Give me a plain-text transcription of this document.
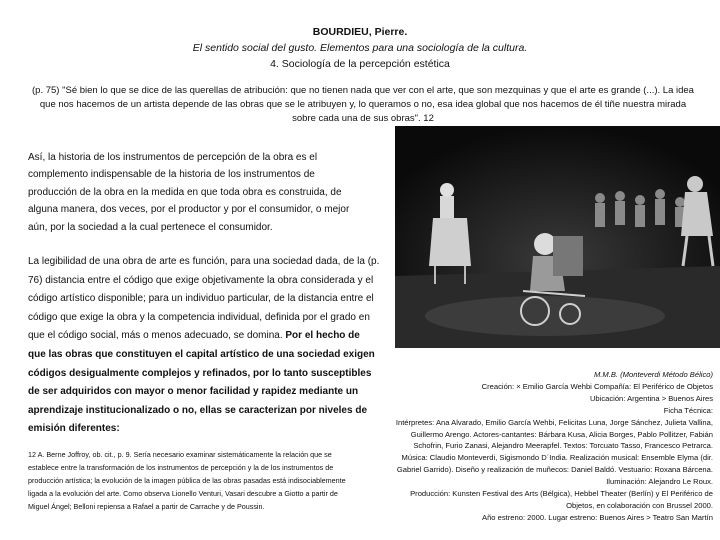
BOURDIEU, Pierre.
El sentido social del gusto. Elementos para una sociología de la cultura.
4. Sociología de la percepción estética
(p. 75) "Sé bien lo que se dice de las querellas de atribución: que no tienen nada que ver con el arte, que son mezquinas y que el arte es grande (...). La idea que nos hacemos de un artista depende de las obras que se le atribuyen y, lo queramos o no, esa idea global que nos hacemos de él tiñe nuestra mirada sobre cada una de sus obras". 12

Así, la historia de los instrumentos de percepción de la obra es el complemento indispensable de la historia de los instrumentos de producción de la obra en la medida en que toda obra es construida, de alguna manera, dos veces, por el productor y por el consumidor, o mejor aún, por la sociedad a la cual pertenece el consumidor.

La legibilidad de una obra de arte es función, para una sociedad dada, de la (p. 76) distancia entre el código que exige objetivamente la obra considerada y el código artístico disponible; para un individuo particular, de la distancia entre el código que exige la obra y la competencia individual, definida por el grado en que el código social, más o menos adecuado, se domina. Por el hecho de que las obras que constituyen el capital artístico de una sociedad exigen códigos desigualmente complejos y refinados, por lo tanto susceptibles de ser adquiridos con mayor o menor facilidad y rapidez mediante un aprendizaje institucionalizado o no, ellas se caracterizan por niveles de emisión diferentes:

12 A. Berne Joffroy, ob. cit., p. 9. Sería necesario examinar sistemáticamente la relación que se establece entre la transformación de los instrumentos de percepción y la de los instrumentos de producción artística; la evolución de la imagen pública de las obras pasadas está indisociablemente ligada a la evolución del arte. Como observa Lionello Venturi, Vasari descubre a Giotto a partir de Miguel Ángel; Belloni repiensa a Rafael a partir de Carrache y de Poussin.

M.M.B. (Monteverdi Método Bélico)
Creación: × Emilio García Wehbi Compañía: El Periférico de Objetos
Ubicación: Argentina > Buenos Aires
Ficha Técnica:
Intérpretes: Ana Alvarado, Emilio García Wehbi, Felicitas Luna, Jorge Sánchez, Julieta Vallina, Guillermo Arengo. Actores-cantantes: Bárbara Kusa, Alicia Borges, Pablo Pollitzer, Fabián Schofrin, Furio Zanasi, Alejandro Meerapfel. Textos: Torcuato Tasso, Francesco Petrarca. Música: Claudio Monteverdi, Sigismondo D´India. Realización musical: Ensemble Elyma (dir. Gabriel Garrido). Diseño y realización de muñecos: Daniel Baldó. Vestuario: Roxana Bárcena. Iluminación: Alejandro Le Roux.
Producción: Kunsten Festival des Arts (Bélgica), Hebbel Theater (Berlín) y El Periférico de Objetos, en colaboración con Brussel 2000.
Año estreno: 2000. Lugar estreno: Buenos Aires > Teatro San Martín
